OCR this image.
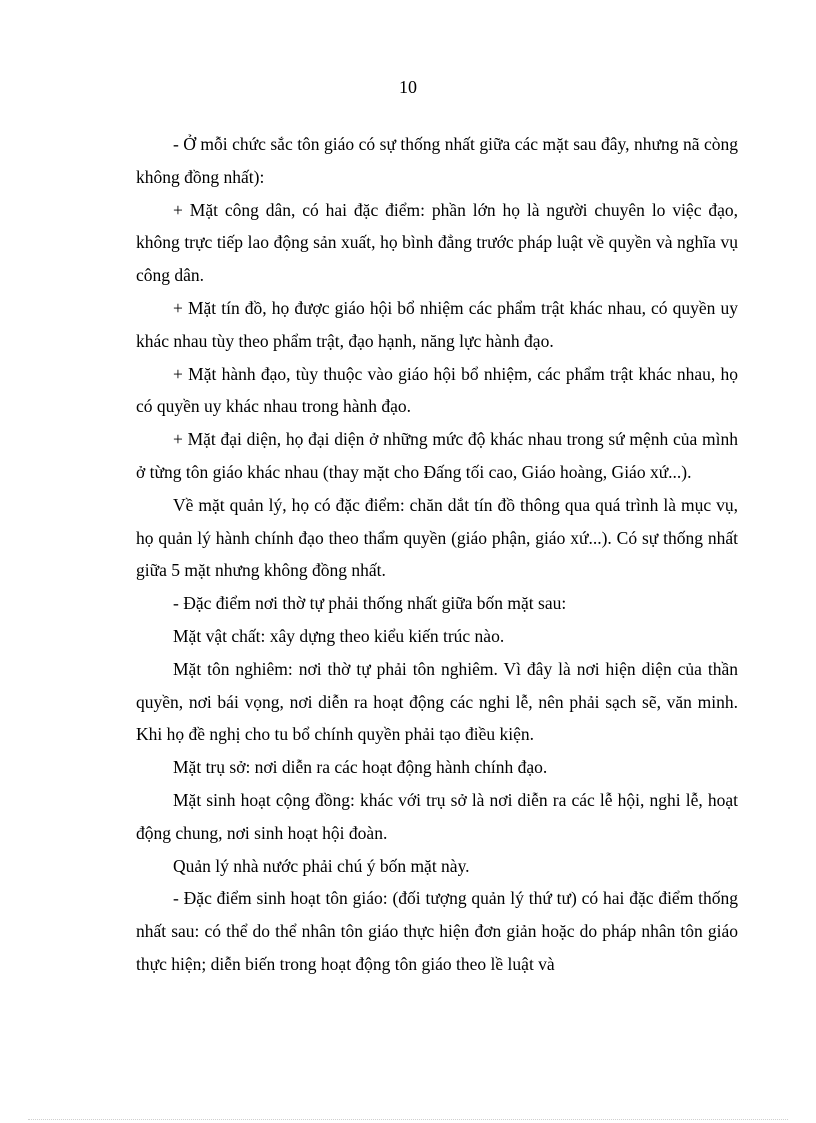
10

- Ở mỗi chức sắc tôn giáo có sự thống nhất giữa các mặt sau đây, nhưng nã còng không đồng nhất):

+ Mặt công dân, có hai đặc điểm: phần lớn họ là người chuyên lo việc đạo, không trực tiếp lao động sản xuất, họ bình đẳng trước pháp luật về quyền và nghĩa vụ công dân.

+ Mặt tín đồ, họ được giáo hội bổ nhiệm các phẩm trật khác nhau, có quyền uy khác nhau tùy theo phẩm trật, đạo hạnh, năng lực hành đạo.

+ Mặt hành đạo, tùy thuộc vào giáo hội bổ nhiệm, các phẩm trật khác nhau, họ có quyền uy khác nhau trong hành đạo.

+ Mặt đại diện, họ đại diện ở những mức độ khác nhau trong sứ mệnh của mình ở từng tôn giáo khác nhau (thay mặt cho Đấng tối cao, Giáo hoàng, Giáo xứ...).

Về mặt quản lý, họ có đặc điểm: chăn dắt tín đồ thông qua quá trình là mục vụ, họ quản lý hành chính đạo theo thẩm quyền (giáo phận, giáo xứ...). Có sự thống nhất giữa 5 mặt nhưng không đồng nhất.

- Đặc điểm nơi thờ tự phải thống nhất giữa bốn mặt sau:

Mặt vật chất: xây dựng theo kiểu kiến trúc nào.

Mặt tôn nghiêm: nơi thờ tự phải tôn nghiêm. Vì đây là nơi hiện diện của thần quyền, nơi bái vọng, nơi diễn ra hoạt động các nghi lễ, nên phải sạch sẽ, văn minh. Khi họ đề nghị cho tu bổ chính quyền phải tạo điều kiện.

Mặt trụ sở: nơi diễn ra các hoạt động hành chính đạo.

Mặt sinh hoạt cộng đồng: khác với trụ sở là nơi diễn ra các lễ hội, nghi lễ, hoạt động chung, nơi sinh hoạt hội đoàn.

Quản lý nhà nước phải chú ý bốn mặt này.

- Đặc điểm sinh hoạt tôn giáo: (đối tượng quản lý thứ tư) có hai đặc điểm thống nhất sau: có thể do thể nhân tôn giáo thực hiện đơn giản hoặc do pháp nhân tôn giáo thực hiện; diễn biến trong hoạt động tôn giáo theo lề luật và
